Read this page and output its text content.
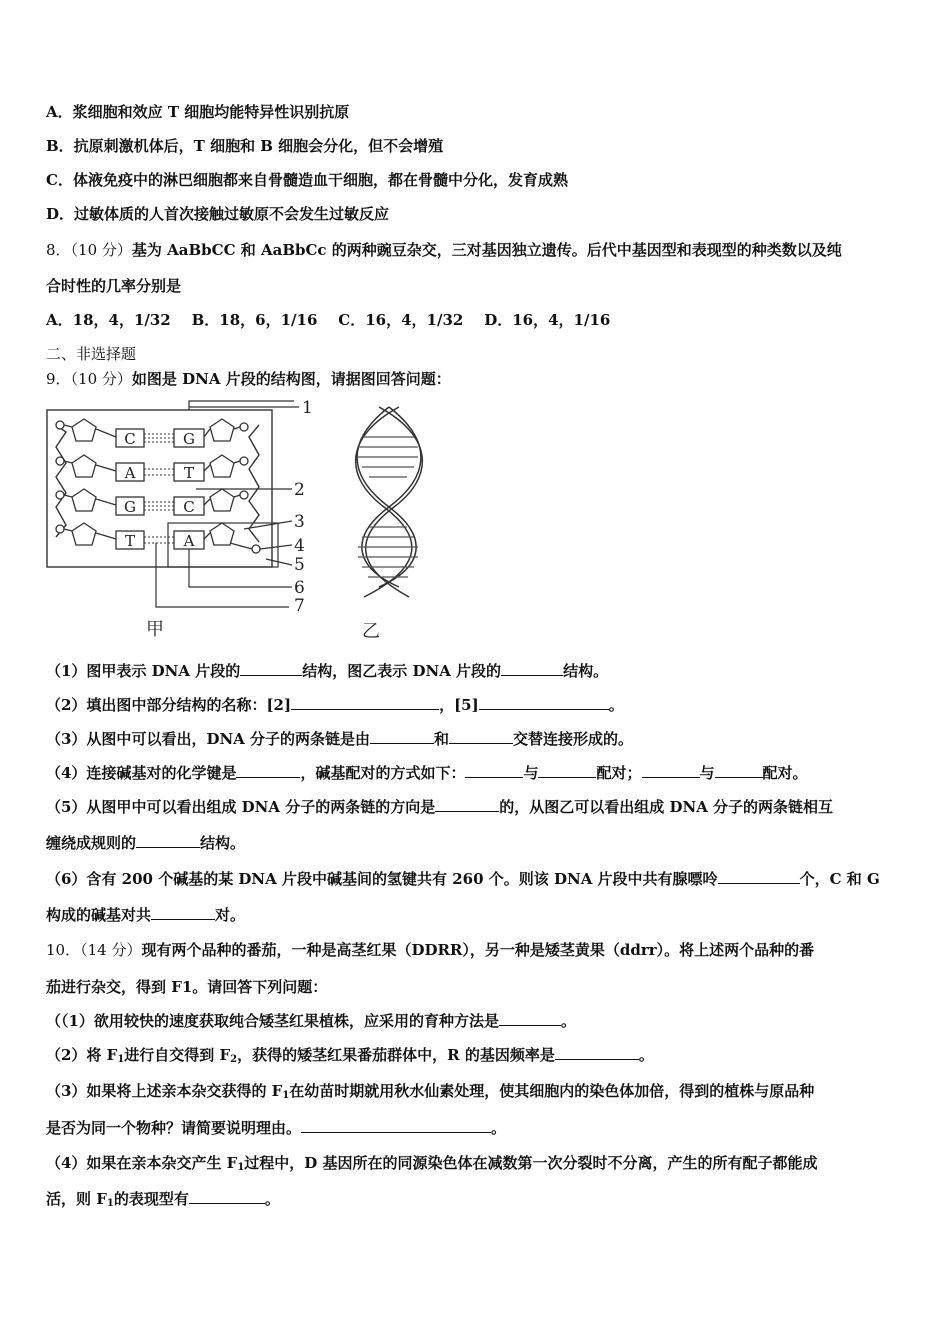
A．浆细胞和效应 T 细胞均能特异性识别抗原
B．抗原刺激机体后，T 细胞和 B 细胞会分化，但不会增殖
C．体液免疫中的淋巴细胞都来自骨髓造血干细胞，都在骨髓中分化，发育成熟
D．过敏体质的人首次接触过敏原不会发生过敏反应
8．（10 分）基为 AaBbCC 和 AaBbCc 的两种豌豆杂交，三对基因独立遗传。后代中基因型和表现型的种类数以及纯
合时性的几率分别是
A．18，4，1/32    B．18，6，1/16    C．16，4，1/32    D．16，4，1/16
二、非选择题
9．（10 分）如图是 DNA 片段的结构图，请据图回答问题：
C
A
G
T
G
T
C
A
1
2
3
4
5
6
7
甲	乙
（1）图甲表示 DNA 片段的	结构，图乙表示 DNA 片段的	结构。
（2）填出图中部分结构的名称：[2]	，[5]	。
（3）从图中可以看出，DNA 分子的两条链是由	和	交替连接形成的。
（4）连接碱基对的化学键是	，碱基配对的方式如下：	与	配对；	与	配对。
（5）从图甲中可以看出组成 DNA 分子的两条链的方向是	的，从图乙可以看出组成 DNA 分子的两条链相互
缠绕成规则的	结构。
（6）含有 200 个碱基的某 DNA 片段中碱基间的氢键共有 260 个。则该 DNA 片段中共有腺嘌呤	个，C 和 G
构成的碱基对共	对。
10．（14 分）现有两个品种的番茄，一种是高茎红果（DDRR），另一种是矮茎黄果（ddrr）。将上述两个品种的番
茄进行杂交，得到 F1。请回答下列问题：
（（1）欲用较快的速度获取纯合矮茎红果植株，应采用的育种方法是	。
（2）将 $F_1$进行自交得到 $F_2$，获得的矮茎红果番茄群体中，R 的基因频率是	。
（3）如果将上述亲本杂交获得的 $F_1$在幼苗时期就用秋水仙素处理，使其细胞内的染色体加倍，得到的植株与原品种
是否为同一个物种？请简要说明理由。	。
（4）如果在亲本杂交产生 $F_1$过程中，D 基因所在的同源染色体在减数第一次分裂时不分离，产生的所有配子都能成
活，则 $F_1$的表现型有	。
